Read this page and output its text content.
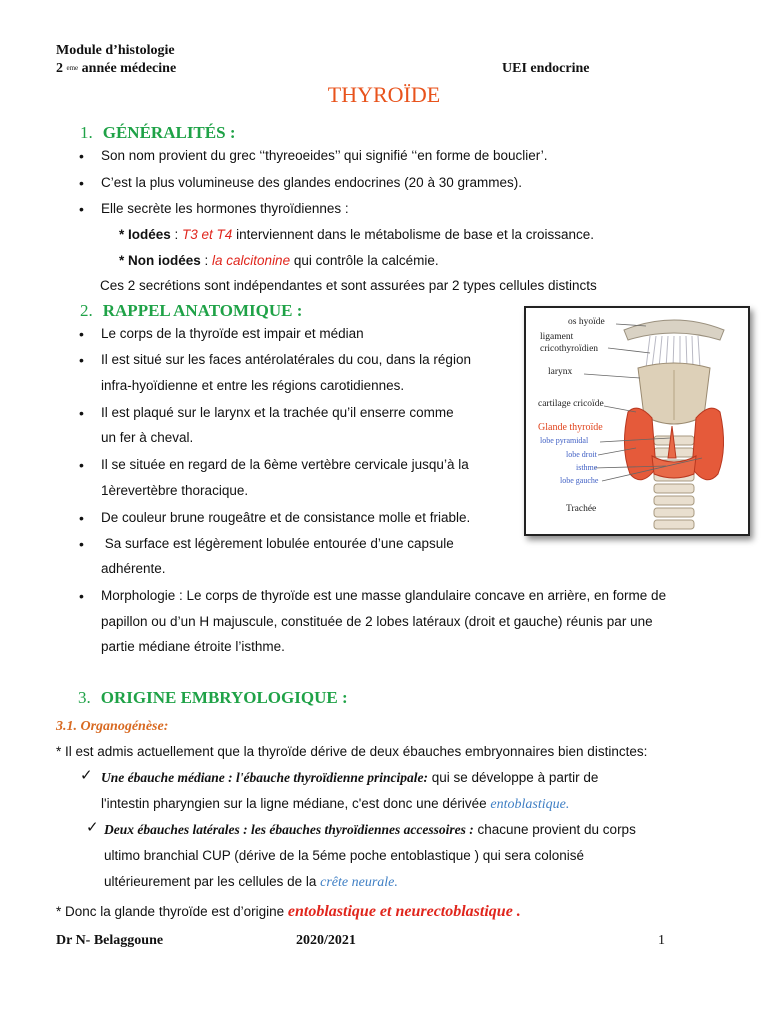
Module d’histologie
2 $^{eme}$ année médecine	UEI endocrine
THYROÏDE
1. GÉNÉRALITÉS :
• Son nom provient du grec ‘‘thyreoeides’’ qui signifié ‘‘en forme de bouclier’.
• C’est la plus volumineuse des glandes endocrines (20 à 30 grammes).
• Elle secrète les hormones thyroïdiennes :
* Iodées : T3 et T4 interviennent dans le métabolisme de base et la croissance.
* Non iodées : la calcitonine qui contrôle la calcémie.
Ces 2 secrétions sont indépendantes et sont assurées par 2 types cellules distincts
2. RAPPEL ANATOMIQUE :
• Le corps de la thyroïde est impair et médian
• Il est situé sur les faces antérolatérales du cou, dans la région
infra-hyoïdienne et entre les régions carotidiennes.
• Il est plaqué sur le larynx et la trachée qu’il enserre comme
un fer à cheval.
• Il se située en regard de la 6ème vertèbre cervicale jusqu’à la
1èrevertèbre thoracique.
• De couleur brune rougeâtre et de consistance molle et friable.
•  Sa surface est légèrement lobulée entourée d’une capsule
adhérente.
• Morphologie : Le corps de thyroïde est une masse glandulaire concave en arrière, en forme de
papillon ou d’un H majuscule, constituée de 2 lobes latéraux (droit et gauche) réunis par une
partie médiane étroite l’isthme.
os hyoïde
ligament
cricothyroïdien
larynx
cartilage cricoïde
Glande thyroïde
lobe pyramidal
lobe droit
isthme
lobe gauche
Trachée
3. ORIGINE EMBRYOLOGIQUE :
3.1. Organogénèse:
* Il est admis actuellement que la thyroïde dérive de deux ébauches embryonnaires bien distinctes:
✓ Une ébauche médiane : l'ébauche thyroïdienne principale: qui se développe à partir de
l'intestin pharyngien sur la ligne médiane, c'est donc une dérivée entoblastique.
✓ Deux ébauches latérales : les ébauches thyroïdiennes accessoires : chacune provient du corps
ultimo branchial CUP (dérive de la 5éme poche entoblastique ) qui sera colonisé
ultérieurement par les cellules de la crête neurale.
* Donc la glande thyroïde est d’origine entoblastique et neurectoblastique .
Dr N- Belaggoune	2020/2021	1
